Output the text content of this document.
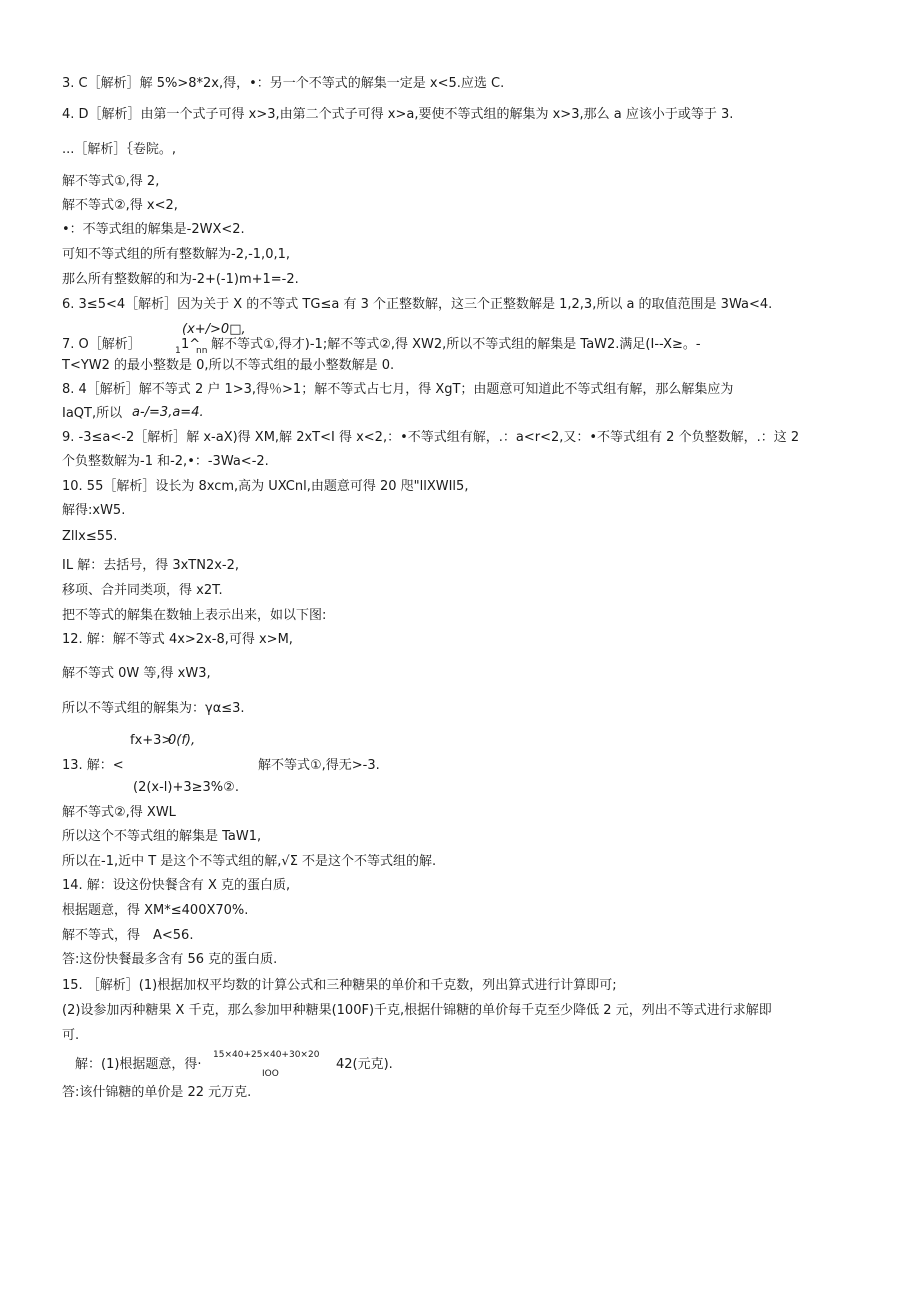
3. C［解析］解 5%>8*2x,得，•：另一个不等式的解集一定是 x<5.应选 C.
4. D［解析］由第一个式子可得 x>3,由第二个式子可得 x>a,要使不等式组的解集为 x>3,那么 a 应该小于或等于 3.
...［解析］｛卷院。,
解不等式①,得 2,
解不等式②,得 x<2,
•：不等式组的解集是-2WX<2.
可知不等式组的所有整数解为-2,-1,0,1,
那么所有整数解的和为-2+(-1)m+1=-2.
6. 3≤5<4［解析］因为关于 X 的不等式 TG≤a 有 3 个正整数解，这三个正整数解是 1,2,3,所以 a 的取值范围是 3Wa<4.
(x+/>0□,
7. O［解析］	1 1^
nn 解不等式①,得才)-1;解不等式②,得 XW2,所以不等式组的解集是 TaW2.满足(I--X≥。-
T<YW2 的最小整数是 0,所以不等式组的最小整数解是 0.
8. 4［解析］解不等式 2 户 1>3,得％>1；解不等式占七月，得 XgT；由题意可知道此不等式组有解，那么解集应为
IaQT,所以 a-/=3,a=4.
9. -3≤a<-2［解析］解 x-aX)得 XM,解 2xT<I 得 x<2,：•不等式组有解，.：a<r<2,又：•不等式组有 2 个负整数解，.：这 2
个负整数解为-1 和-2,•：-3Wa<-2.
10. 55［解析］设长为 8xcm,高为 UXCnl,由题意可得 20 咫"llXWIl5,
解得:xW5.
Zllx≤55.
IL 解：去括号，得 3xTN2x-2,
移项、合并同类项，得 x2T.
把不等式的解集在数轴上表示出来，如以下图:
12. 解：解不等式 4x>2x-8,可得 x>M,
解不等式 0W 等,得 xW3,
所以不等式组的解集为：γα≤3.
fx+3>
0(f),
13. 解：<	解不等式①,得无>-3.
(2(x-l)+3≥3%②.
解不等式②,得 XWL
所以这个不等式组的解集是 TaW1,
所以在-1,近中 T 是这个不等式组的解,√Σ 不是这个不等式组的解.
14. 解：设这份快餐含有 X 克的蛋白质,
根据题意，得 XM*≤400X70%.
解不等式，得 A<56.
答:这份快餐最多含有 56 克的蛋白质.
15. ［解析］(1)根据加权平均数的计算公式和三种糖果的单价和千克数，列出算式进行计算即可;
(2)设参加丙种糖果 X 千克，那么参加甲种糖果(100F)千克,根据什锦糖的单价每千克至少降低 2 元，列出不等式进行求解即
可.
15×40+25×40+30×20
解：(1)根据题意，得·
IOO
42(元克).
答:该什锦糖的单价是 22 元万克.
